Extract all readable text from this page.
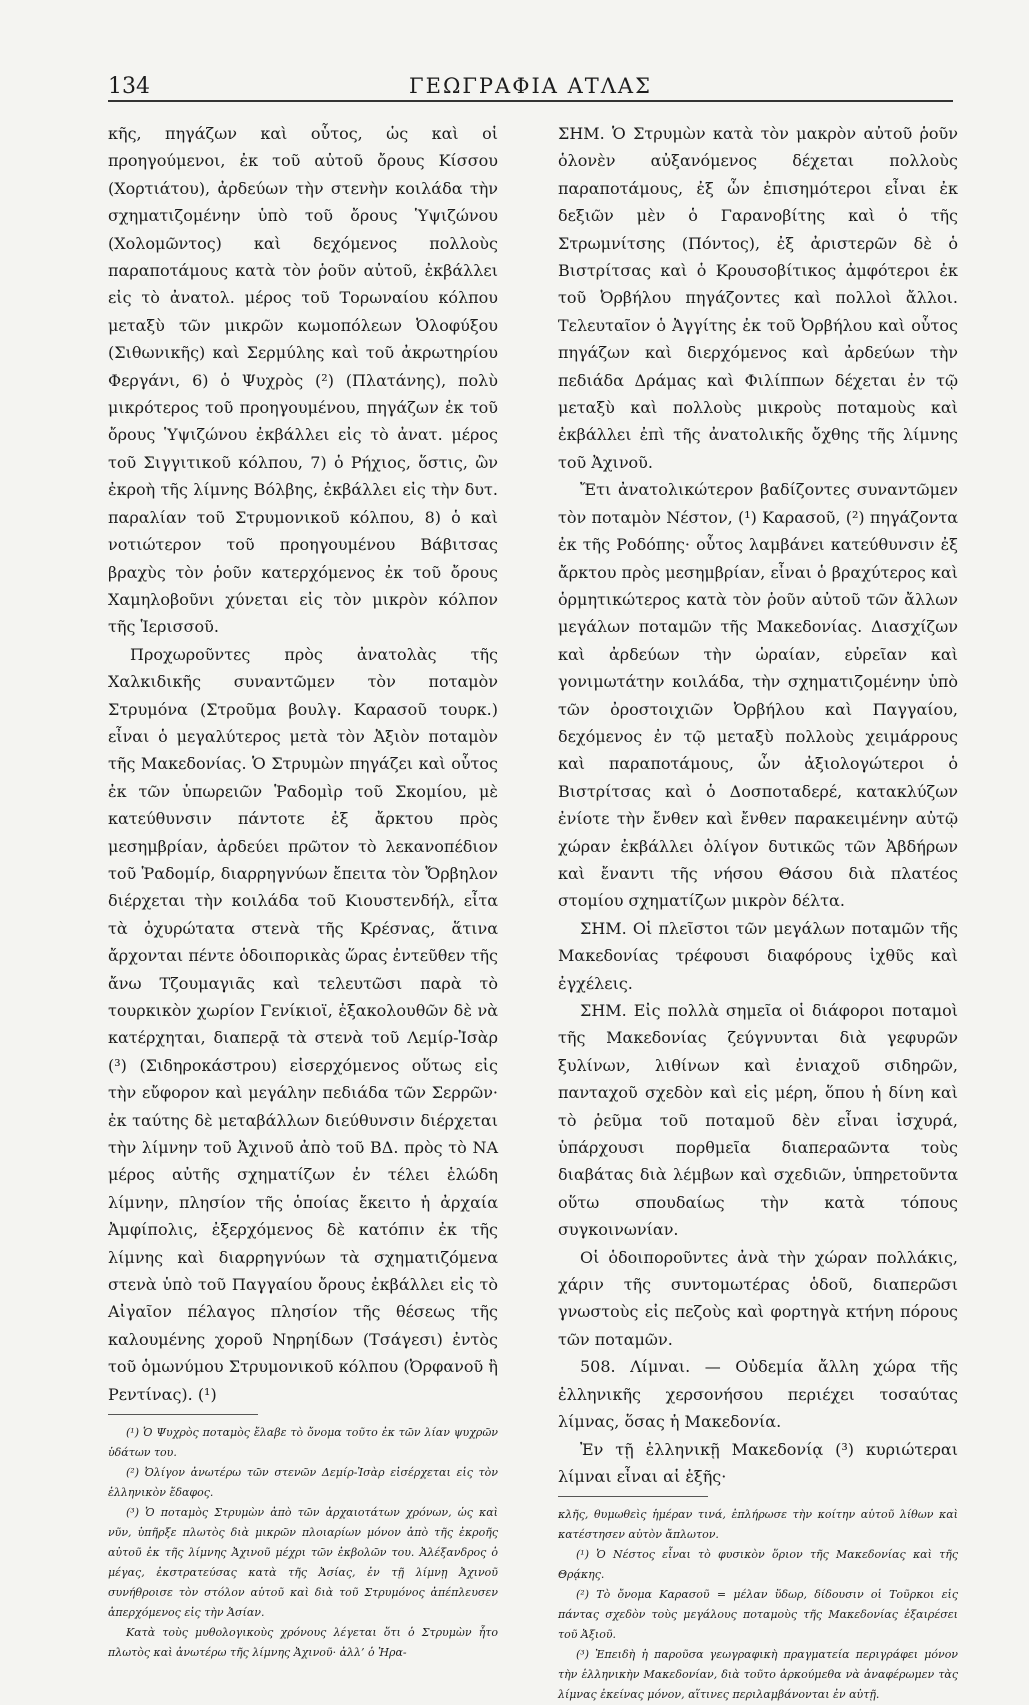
134	ΓΕΩΓΡΑΦΙΑ ΑΤΛΑΣ

κῆς, πηγάζων καὶ οὗτος, ὡς καὶ οἱ προηγούμενοι, ἐκ τοῦ αὐτοῦ ὄρους Κίσσου (Χορτιάτου), ἀρδεύων τὴν στενὴν κοιλάδα τὴν σχηματιζομένην ὑπὸ τοῦ ὄρους Ὑψιζώνου (Χολομῶντος) καὶ δεχόμενος πολλοὺς παραποτάμους κατὰ τὸν ῥοῦν αὐτοῦ, ἐκβάλλει εἰς τὸ ἀνατολ. μέρος τοῦ Τορωναίου κόλπου μεταξὺ τῶν μικρῶν κωμοπόλεων Ὀλοφύξου (Σιθωνικῆς) καὶ Σερμύλης καὶ τοῦ ἀκρωτηρίου Φεργάνι, 6) ὁ Ψυχρὸς (²) (Πλατάνης), πολὺ μικρότερος τοῦ προηγουμένου, πηγάζων ἐκ τοῦ ὄρους Ὑψιζώνου ἐκβάλλει εἰς τὸ ἀνατ. μέρος τοῦ Σιγγιτικοῦ κόλπου, 7) ὁ Ρήχιος, ὅστις, ὢν ἐκροὴ τῆς λίμνης Βόλβης, ἐκβάλλει εἰς τὴν δυτ. παραλίαν τοῦ Στρυμονικοῦ κόλπου, 8) ὁ καὶ νοτιώτερον τοῦ προηγουμένου Βάβιτσας βραχὺς τὸν ῥοῦν κατερχόμενος ἐκ τοῦ ὄρους Χαμηλοβοῦνι χύνεται εἰς τὸν μικρὸν κόλπον τῆς Ἱερισσοῦ.

Προχωροῦντες πρὸς ἀνατολὰς τῆς Χαλκιδικῆς συναντῶμεν τὸν ποταμὸν Στρυμόνα (Στροῦμα βουλγ. Καρασοῦ τουρκ.) εἶναι ὁ μεγαλύτερος μετὰ τὸν Ἀξιὸν ποταμὸν τῆς Μακεδονίας. Ὁ Στρυμὼν πηγάζει καὶ οὗτος ἐκ τῶν ὑπωρειῶν Ῥαδομὶρ τοῦ Σκομίου, μὲ κατεύθυνσιν πάντοτε ἐξ ἄρκτου πρὸς μεσημβρίαν, ἀρδεύει πρῶτον τὸ λεκανοπέδιον τοῦ Ῥαδομίρ, διαρρηγνύων ἔπειτα τὸν Ὄρβηλον διέρχεται τὴν κοιλάδα τοῦ Κιουστενδήλ, εἶτα τὰ ὀχυρώτατα στενὰ τῆς Κρέσνας, ἅτινα ἄρχονται πέντε ὁδοιπορικὰς ὥρας ἐντεῦθεν τῆς ἄνω Τζουμαγιᾶς καὶ τελευτῶσι παρὰ τὸ τουρκικὸν χωρίον Γενίκιοϊ, ἐξακολουθῶν δὲ νὰ κατέρχηται, διαπερᾷ τὰ στενὰ τοῦ Λεμίρ-Ἰσὰρ (³) (Σιδηροκάστρου) εἰσερχόμενος οὕτως εἰς τὴν εὔφορον καὶ μεγάλην πεδιάδα τῶν Σερρῶν· ἐκ ταύτης δὲ μεταβάλλων διεύθυνσιν διέρχεται τὴν λίμνην τοῦ Ἀχινοῦ ἀπὸ τοῦ ΒΔ. πρὸς τὸ ΝΑ μέρος αὐτῆς σχηματίζων ἐν τέλει ἑλώδη λίμνην, πλησίον τῆς ὁποίας ἔκειτο ἡ ἀρχαία Ἀμφίπολις, ἐξερχόμενος δὲ κατόπιν ἐκ τῆς λίμνης καὶ διαρρηγνύων τὰ σχηματιζόμενα στενὰ ὑπὸ τοῦ Παγγαίου ὄρους ἐκβάλλει εἰς τὸ Αἰγαῖον πέλαγος πλησίον τῆς θέσεως τῆς καλουμένης χοροῦ Νηρηίδων (Τσάγεσι) ἐντὸς τοῦ ὁμωνύμου Στρυμονικοῦ κόλπου (Ὀρφανοῦ ἢ Ρεντίνας). (¹)

(¹) Ὁ Ψυχρὸς ποταμὸς ἔλαβε τὸ ὄνομα τοῦτο ἐκ τῶν λίαν ψυχρῶν ὑδάτων του.

(²) Ὀλίγον ἀνωτέρω τῶν στενῶν Δεμίρ-Ἰσὰρ εἰσέρχεται εἰς τὸν ἑλληνικὸν ἔδαφος.

(³) Ὁ ποταμὸς Στρυμὼν ἀπὸ τῶν ἀρχαιοτάτων χρόνων, ὡς καὶ νῦν, ὑπῆρξε πλωτὸς διὰ μικρῶν πλοιαρίων μόνον ἀπὸ τῆς ἐκροῆς αὐτοῦ ἐκ τῆς λίμνης Ἀχινοῦ μέχρι τῶν ἐκβολῶν του. Ἀλέξανδρος ὁ μέγας, ἐκστρατεύσας κατὰ τῆς Ἀσίας, ἐν τῇ λίμνῃ Ἀχινοῦ συνήθροισε τὸν στόλον αὐτοῦ καὶ διὰ τοῦ Στρυμόνος ἀπέπλευσεν ἀπερχόμενος εἰς τὴν Ἀσίαν.

Κατὰ τοὺς μυθολογικοὺς χρόνους λέγεται ὅτι ὁ Στρυμὼν ἦτο πλωτὸς καὶ ἀνωτέρω τῆς λίμνης Ἀχινοῦ· ἀλλ’ ὁ Ἡρα-

ΣΗΜ. Ὁ Στρυμὼν κατὰ τὸν μακρὸν αὐτοῦ ῥοῦν ὁλονὲν αὐξανόμενος δέχεται πολλοὺς παραποτάμους, ἐξ ὧν ἐπισημότεροι εἶναι ἐκ δεξιῶν μὲν ὁ Γαρανοβίτης καὶ ὁ τῆς Στρωμνίτσης (Πόντος), ἐξ ἀριστερῶν δὲ ὁ Βιστρίτσας καὶ ὁ Κρουσοβίτικος ἀμφότεροι ἐκ τοῦ Ὀρβήλου πηγάζοντες καὶ πολλοὶ ἄλλοι. Τελευταῖον ὁ Ἀγγίτης ἐκ τοῦ Ὀρβήλου καὶ οὗτος πηγάζων καὶ διερχόμενος καὶ ἀρδεύων τὴν πεδιάδα Δράμας καὶ Φιλίππων δέχεται ἐν τῷ μεταξὺ καὶ πολλοὺς μικροὺς ποταμοὺς καὶ ἐκβάλλει ἐπὶ τῆς ἀνατολικῆς ὄχθης τῆς λίμνης τοῦ Ἀχινοῦ.

Ἔτι ἀνατολικώτερον βαδίζοντες συναντῶμεν τὸν ποταμὸν Νέστον, (¹) Καρασοῦ, (²) πηγάζοντα ἐκ τῆς Ροδόπης· οὗτος λαμβάνει κατεύθυνσιν ἐξ ἄρκτου πρὸς μεσημβρίαν, εἶναι ὁ βραχύτερος καὶ ὁρμητικώτερος κατὰ τὸν ῥοῦν αὐτοῦ τῶν ἄλλων μεγάλων ποταμῶν τῆς Μακεδονίας. Διασχίζων καὶ ἀρδεύων τὴν ὡραίαν, εὐρεῖαν καὶ γονιμωτάτην κοιλάδα, τὴν σχηματιζομένην ὑπὸ τῶν ὀροστοιχιῶν Ὀρβήλου καὶ Παγγαίου, δεχόμενος ἐν τῷ μεταξὺ πολλοὺς χειμάρρους καὶ παραποτάμους, ὧν ἀξιολογώτεροι ὁ Βιστρίτσας καὶ ὁ Δοσποταδερέ, κατακλύζων ἐνίοτε τὴν ἔνθεν καὶ ἔνθεν παρακειμένην αὐτῷ χώραν ἐκβάλλει ὀλίγον δυτικῶς τῶν Ἀβδήρων καὶ ἔναντι τῆς νήσου Θάσου διὰ πλατέος στομίου σχηματίζων μικρὸν δέλτα.

ΣΗΜ. Οἱ πλεῖστοι τῶν μεγάλων ποταμῶν τῆς Μακεδονίας τρέφουσι διαφόρους ἰχθῦς καὶ ἐγχέλεις.

ΣΗΜ. Εἰς πολλὰ σημεῖα οἱ διάφοροι ποταμοὶ τῆς Μακεδονίας ζεύγνυνται διὰ γεφυρῶν ξυλίνων, λιθίνων καὶ ἐνιαχοῦ σιδηρῶν, πανταχοῦ σχεδὸν καὶ εἰς μέρη, ὅπου ἡ δίνη καὶ τὸ ῥεῦμα τοῦ ποταμοῦ δὲν εἶναι ἰσχυρά, ὑπάρχουσι πορθμεῖα διαπεραῶντα τοὺς διαβάτας διὰ λέμβων καὶ σχεδιῶν, ὑπηρετοῦντα οὕτω σπουδαίως τὴν κατὰ τόπους συγκοινωνίαν.

Οἱ ὁδοιποροῦντες ἀνὰ τὴν χώραν πολλάκις, χάριν τῆς συντομωτέρας ὁδοῦ, διαπερῶσι γνωστοὺς εἰς πεζοὺς καὶ φορτηγὰ κτήνη πόρους τῶν ποταμῶν.

508. Λίμναι. — Οὐδεμία ἄλλη χώρα τῆς ἑλληνικῆς χερσονήσου περιέχει τοσαύτας λίμνας, ὅσας ἡ Μακεδονία.

Ἐν τῇ ἑλληνικῇ Μακεδονίᾳ (³) κυριώτεραι λίμναι εἶναι αἱ ἑξῆς·

κλῆς, θυμωθεὶς ἡμέραν τινά, ἐπλήρωσε τὴν κοίτην αὐτοῦ λίθων καὶ κατέστησεν αὐτὸν ἄπλωτον.

(¹) Ὁ Νέστος εἶναι τὸ φυσικὸν ὅριον τῆς Μακεδονίας καὶ τῆς Θρᾴκης.

(²) Τὸ ὄνομα Καρασοῦ = μέλαν ὕδωρ, δίδουσιν οἱ Τοῦρκοι εἰς πάντας σχεδὸν τοὺς μεγάλους ποταμοὺς τῆς Μακεδονίας ἐξαιρέσει τοῦ Ἀξιοῦ.

(³) Ἐπειδὴ ἡ παροῦσα γεωγραφικὴ πραγματεία περιγράφει μόνον τὴν ἑλληνικὴν Μακεδονίαν, διὰ τοῦτο ἀρκούμεθα νὰ ἀναφέρωμεν τὰς λίμνας ἐκείνας μόνον, αἵτινες περιλαμβάνονται ἐν αὐτῇ.
